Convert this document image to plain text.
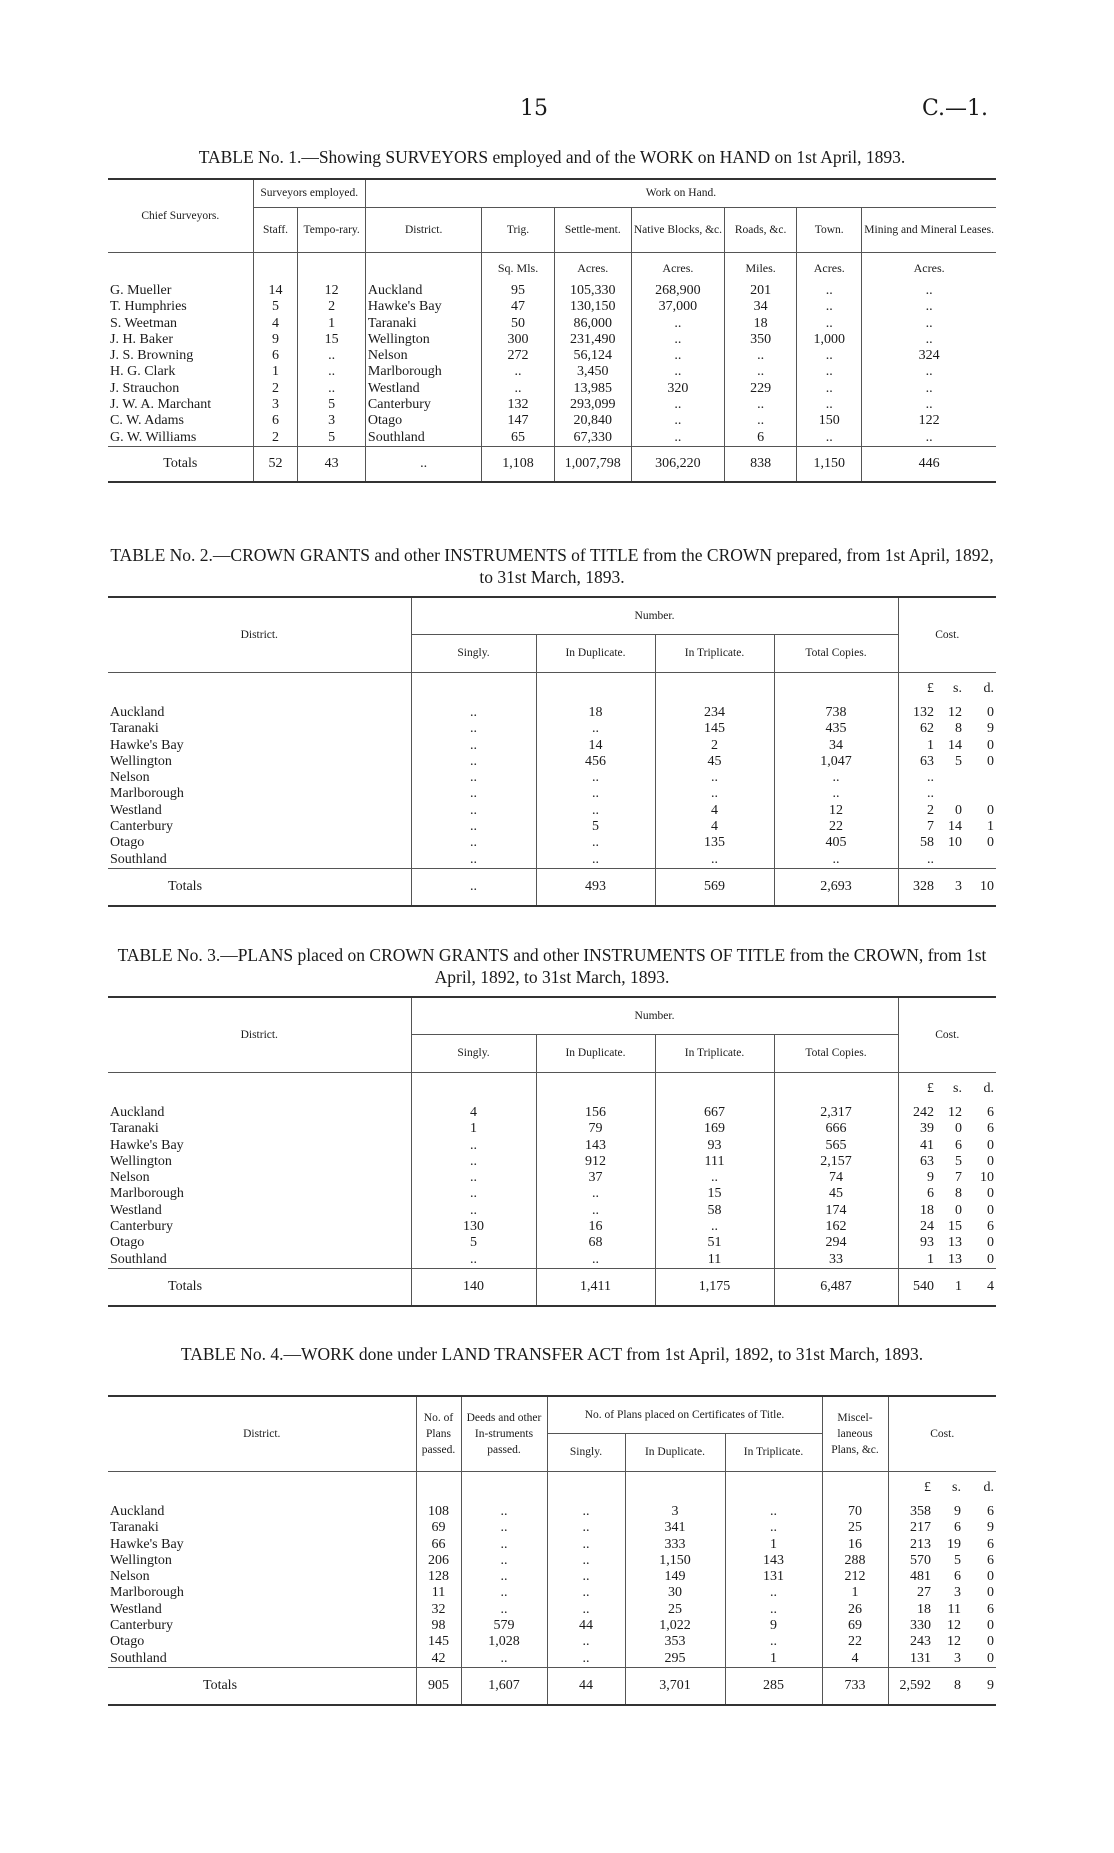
15	C.—1.
TABLE No. 1.—Showing SURVEYORS employed and of the WORK on HAND on 1st April, 1893.
Chief Surveyors.	Surveyors employed.		Work on Hand.						
	Staff.	Tempo-rary.	District.	Trig.	Settle-ment.	Native Blocks, &c.	Roads, &c.	Town.	Mining and Mineral Leases.
				Sq. Mls.	Acres.	Acres.	Miles.	Acres.	Acres.
G. Mueller	14	12	Auckland	95	105,330	268,900	201	..	..
T. Humphries	5	2	Hawke's Bay	47	130,150	37,000	34	..	..
S. Weetman	4	1	Taranaki	50	86,000	..	18	..	..
J. H. Baker	9	15	Wellington	300	231,490	..	350	1,000	..
J. S. Browning	6	..	Nelson	272	56,124	..	..	..	324
H. G. Clark	1	..	Marlborough	..	3,450	..	..	..	..
J. Strauchon	2	..	Westland	..	13,985	320	229	..	..
J. W. A. Marchant	3	5	Canterbury	132	293,099	..	..	..	..
C. W. Adams	6	3	Otago	147	20,840	..	..	150	122
G. W. Williams	2	5	Southland	65	67,330	..	6	..	..
Totals	52	43	..	1,108	1,007,798	306,220	838	1,150	446
TABLE No. 2.—CROWN GRANTS and other INSTRUMENTS of TITLE from the CROWN prepared, from 1st April, 1892, to 31st March, 1893.
District.	Number.				Cost.		
	Singly.	In Duplicate.	In Triplicate.	Total Copies.			
					£	s.	d.
Auckland	..	18	234	738	132	12	0
Taranaki	..	..	145	435	62	8	9
Hawke's Bay	..	14	2	34	1	14	0
Wellington	..	456	45	1,047	63	5	0
Nelson	..	..	..	..	..		
Marlborough	..	..	..	..	..		
Westland	..	..	4	12	2	0	0
Canterbury	..	5	4	22	7	14	1
Otago	..	..	135	405	58	10	0
Southland	..	..	..	..	..		
Totals	..	493	569	2,693	328	3	10
TABLE No. 3.—PLANS placed on CROWN GRANTS and other INSTRUMENTS OF TITLE from the CROWN, from 1st April, 1892, to 31st March, 1893.
District.	Number.				Cost.		
	Singly.	In Duplicate.	In Triplicate.	Total Copies.			
					£	s.	d.
Auckland	4	156	667	2,317	242	12	6
Taranaki	1	79	169	666	39	0	6
Hawke's Bay	..	143	93	565	41	6	0
Wellington	..	912	111	2,157	63	5	0
Nelson	..	37	..	74	9	7	10
Marlborough	..	..	15	45	6	8	0
Westland	..	..	58	174	18	0	0
Canterbury	130	16	..	162	24	15	6
Otago	5	68	51	294	93	13	0
Southland	..	..	11	33	1	13	0
Totals	140	1,411	1,175	6,487	540	1	4
TABLE No. 4.—WORK done under LAND TRANSFER ACT from 1st April, 1892, to 31st March, 1893.
District.	No. of Plans passed.	Deeds and other In-struments passed.	No. of Plans placed on Certificates of Title.			Miscel-laneous Plans, &c.	Cost.		
			Singly.	In Duplicate.	In Triplicate.				
							£	s.	d.
Auckland	108	..	..	3	..	70	358	9	6
Taranaki	69	..	..	341	..	25	217	6	9
Hawke's Bay	66	..	..	333	1	16	213	19	6
Wellington	206	..	..	1,150	143	288	570	5	6
Nelson	128	..	..	149	131	212	481	6	0
Marlborough	11	..	..	30	..	1	27	3	0
Westland	32	..	..	25	..	26	18	11	6
Canterbury	98	579	44	1,022	9	69	330	12	0
Otago	145	1,028	..	353	..	22	243	12	0
Southland	42	..	..	295	1	4	131	3	0
Totals	905	1,607	44	3,701	285	733	2,592	8	9
